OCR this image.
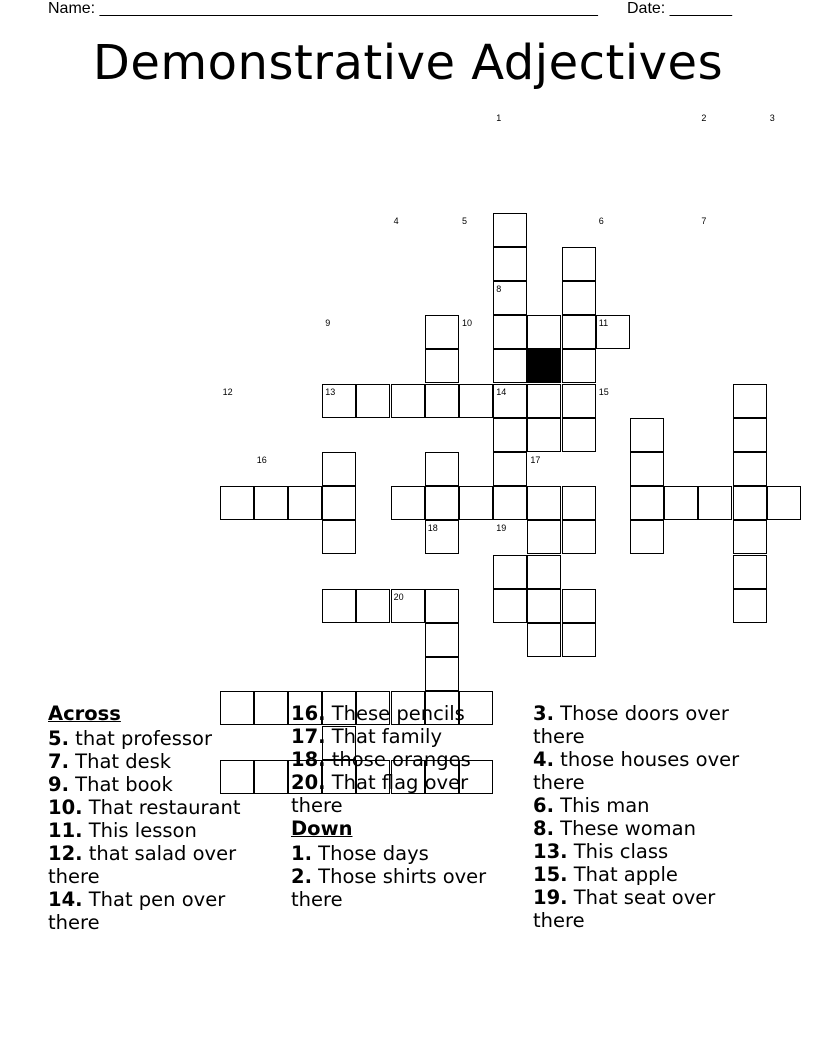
Name: ________________________________________________________ Date: _______
Demonstrative Adjectives
1	2	3
4	5	6	7
8
9	10	11
12	13	14	15
16	17
18	19
20
Across
5. that professor
7. That desk
9. That book
10. That restaurant
11. This lesson
12. that salad over there
14. That pen over there
16. These pencils
17. That family
18. those oranges
20. That flag over there
Down
1. Those days
2. Those shirts over there
3. Those doors over there
4. those houses over there
6. This man
8. These woman
13. This class
15. That apple
19. That seat over there
